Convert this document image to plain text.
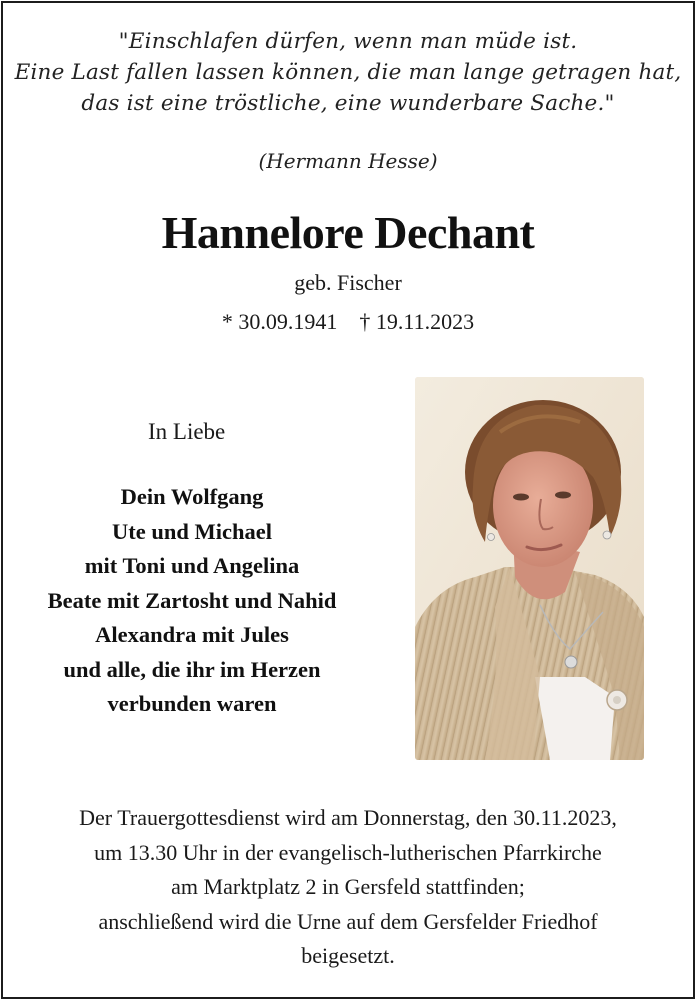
"Einschlafen dürfen, wenn man müde ist.
Eine Last fallen lassen können, die man lange getragen hat,
das ist eine tröstliche, eine wunderbare Sache."
(Hermann Hesse)
Hannelore Dechant
geb. Fischer
* 30.09.1941    † 19.11.2023
In Liebe
Dein Wolfgang
Ute und Michael
mit Toni und Angelina
Beate mit Zartosht und Nahid
Alexandra mit Jules
und alle, die ihr im Herzen
verbunden waren
Der Trauergottesdienst wird am Donnerstag, den 30.11.2023,
um 13.30 Uhr in der evangelisch-lutherischen Pfarrkirche
am Marktplatz 2 in Gersfeld stattfinden;
anschließend wird die Urne auf dem Gersfelder Friedhof
beigesetzt.
